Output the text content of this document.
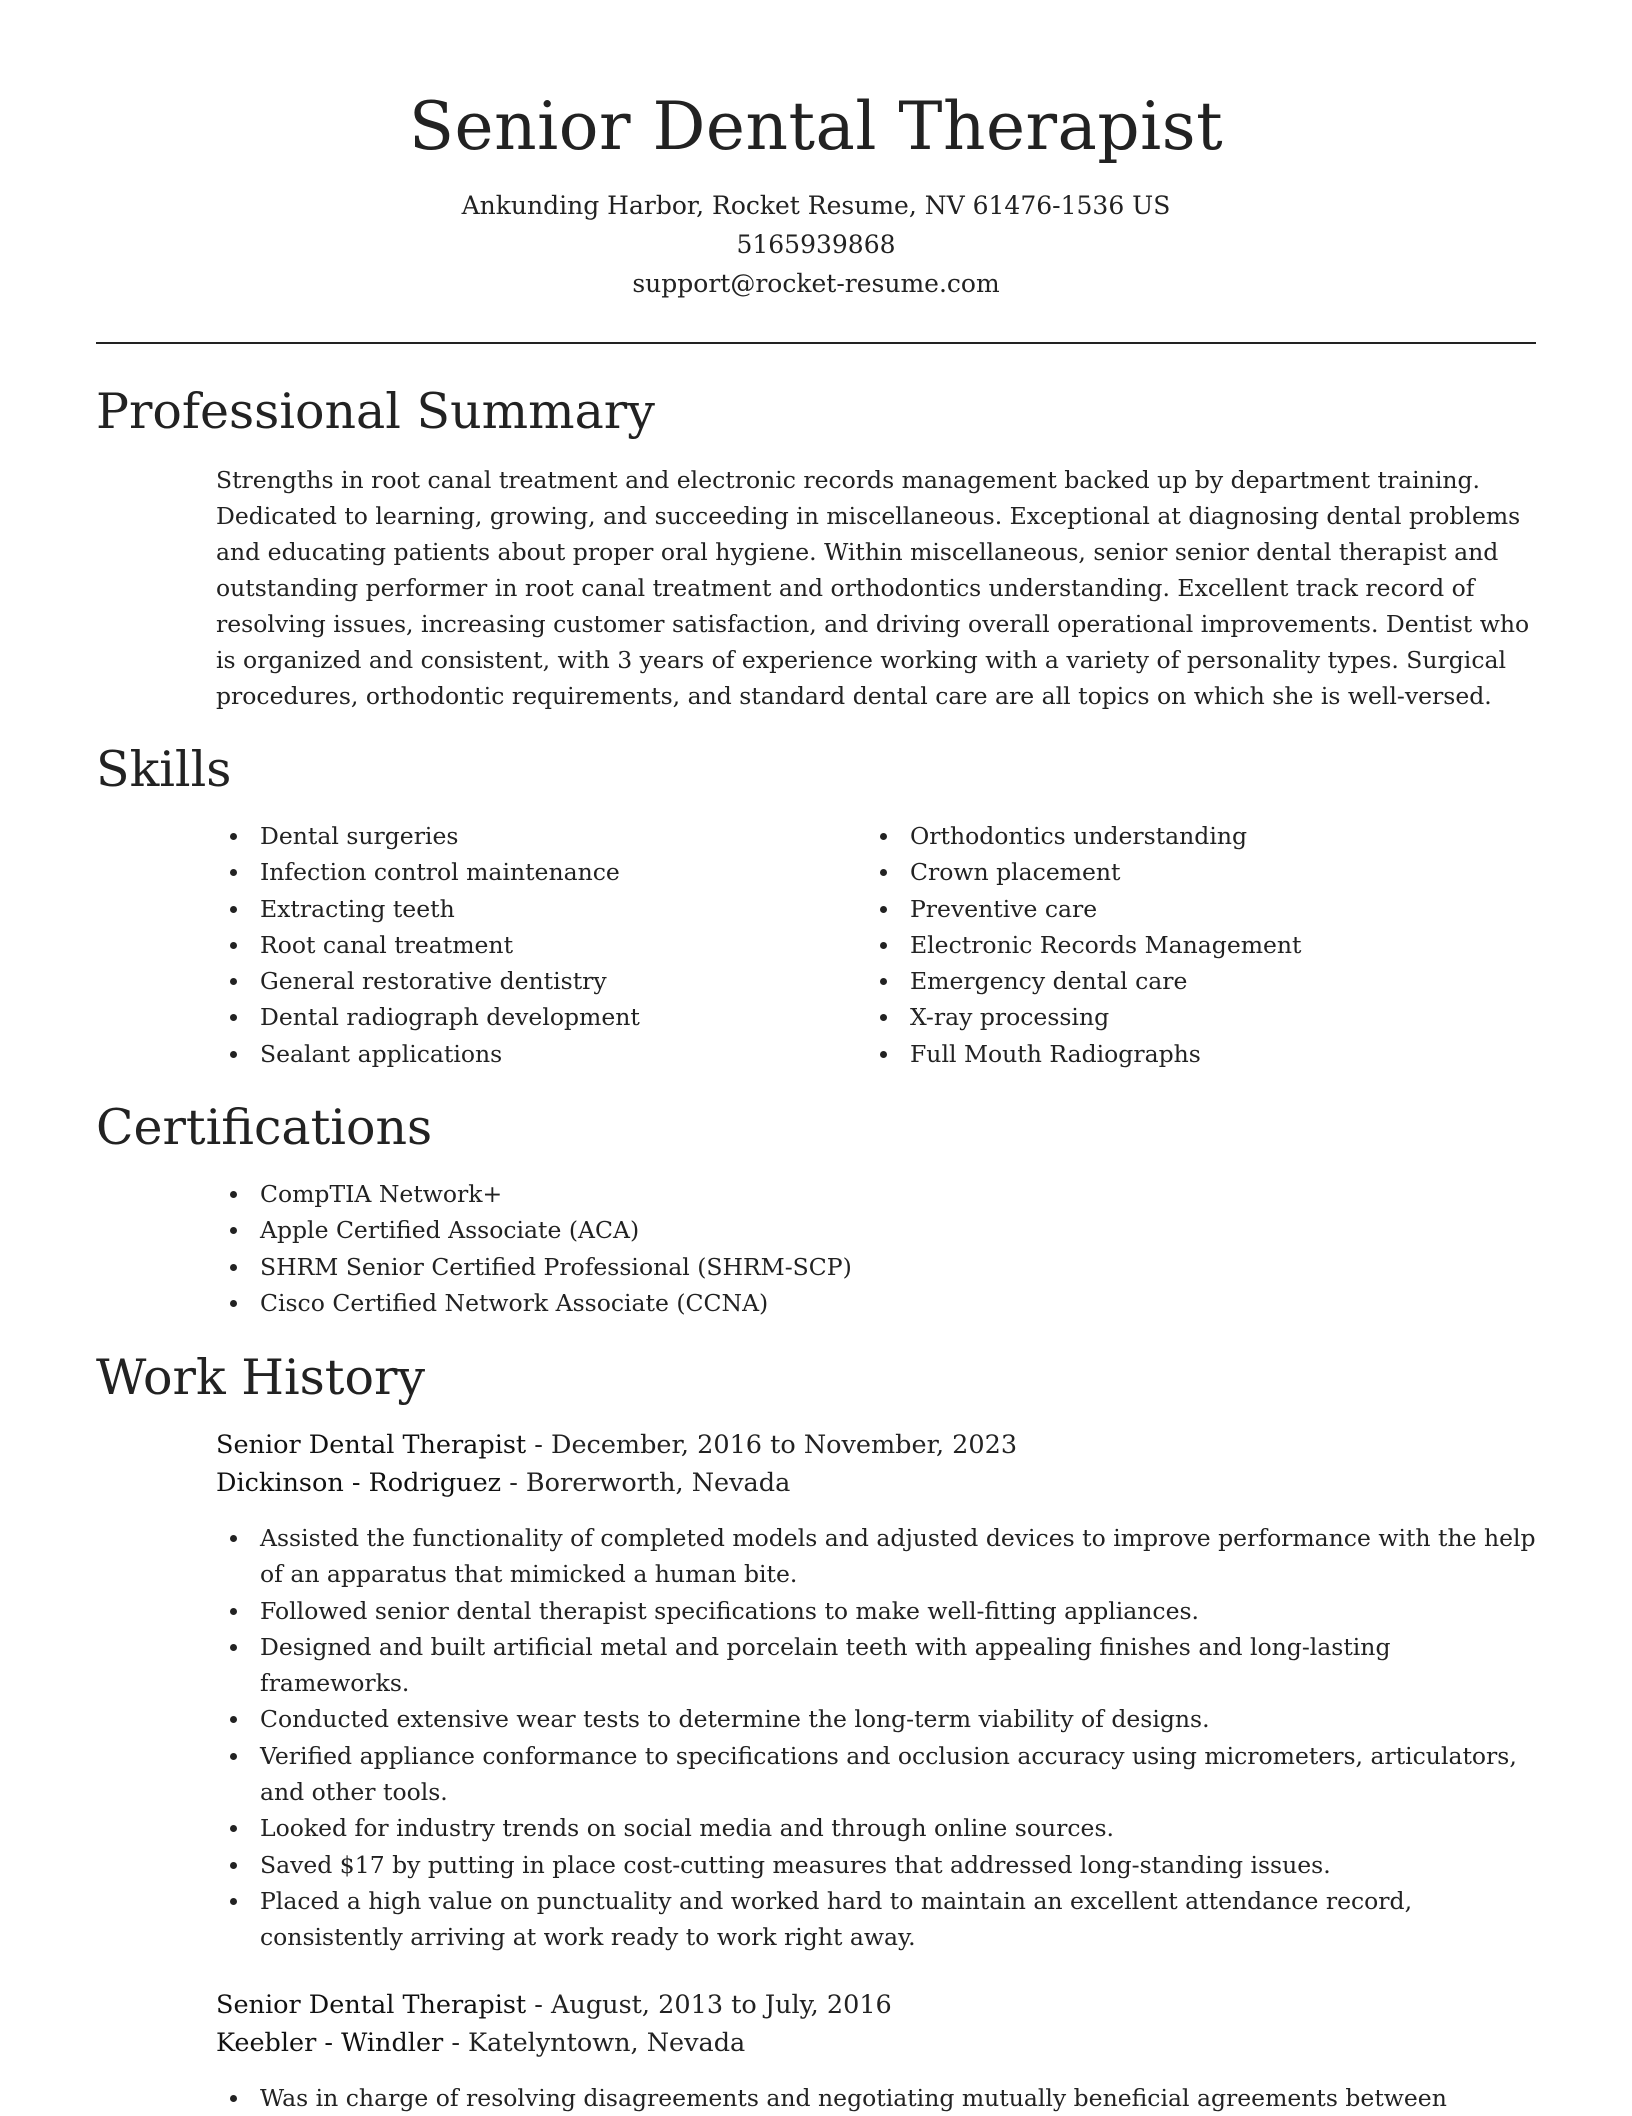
Senior Dental Therapist
Ankunding Harbor, Rocket Resume, NV 61476-1536 US
5165939868
support@rocket-resume.com
Professional Summary
Strengths in root canal treatment and electronic records management backed up by department training. Dedicated to learning, growing, and succeeding in miscellaneous. Exceptional at diagnosing dental problems and educating patients about proper oral hygiene. Within miscellaneous, senior senior dental therapist and outstanding performer in root canal treatment and orthodontics understanding. Excellent track record of resolving issues, increasing customer satisfaction, and driving overall operational improvements. Dentist who is organized and consistent, with 3 years of experience working with a variety of personality types. Surgical procedures, orthodontic requirements, and standard dental care are all topics on which she is well-versed.
Skills
Dental surgeries
Infection control maintenance
Extracting teeth
Root canal treatment
General restorative dentistry
Dental radiograph development
Sealant applications
Orthodontics understanding
Crown placement
Preventive care
Electronic Records Management
Emergency dental care
X-ray processing
Full Mouth Radiographs
Certifications
CompTIA Network+
Apple Certified Associate (ACA)
SHRM Senior Certified Professional (SHRM-SCP)
Cisco Certified Network Associate (CCNA)
Work History
Senior Dental Therapist - December, 2016 to November, 2023
Dickinson - Rodriguez - Borerworth, Nevada
Assisted the functionality of completed models and adjusted devices to improve performance with the help of an apparatus that mimicked a human bite.
Followed senior dental therapist specifications to make well-fitting appliances.
Designed and built artificial metal and porcelain teeth with appealing finishes and long-lasting frameworks.
Conducted extensive wear tests to determine the long-term viability of designs.
Verified appliance conformance to specifications and occlusion accuracy using micrometers, articulators, and other tools.
Looked for industry trends on social media and through online sources.
Saved $17 by putting in place cost-cutting measures that addressed long-standing issues.
Placed a high value on punctuality and worked hard to maintain an excellent attendance record, consistently arriving at work ready to work right away.
Senior Dental Therapist - August, 2013 to July, 2016
Keebler - Windler - Katelyntown, Nevada
Was in charge of resolving disagreements and negotiating mutually beneficial agreements between
